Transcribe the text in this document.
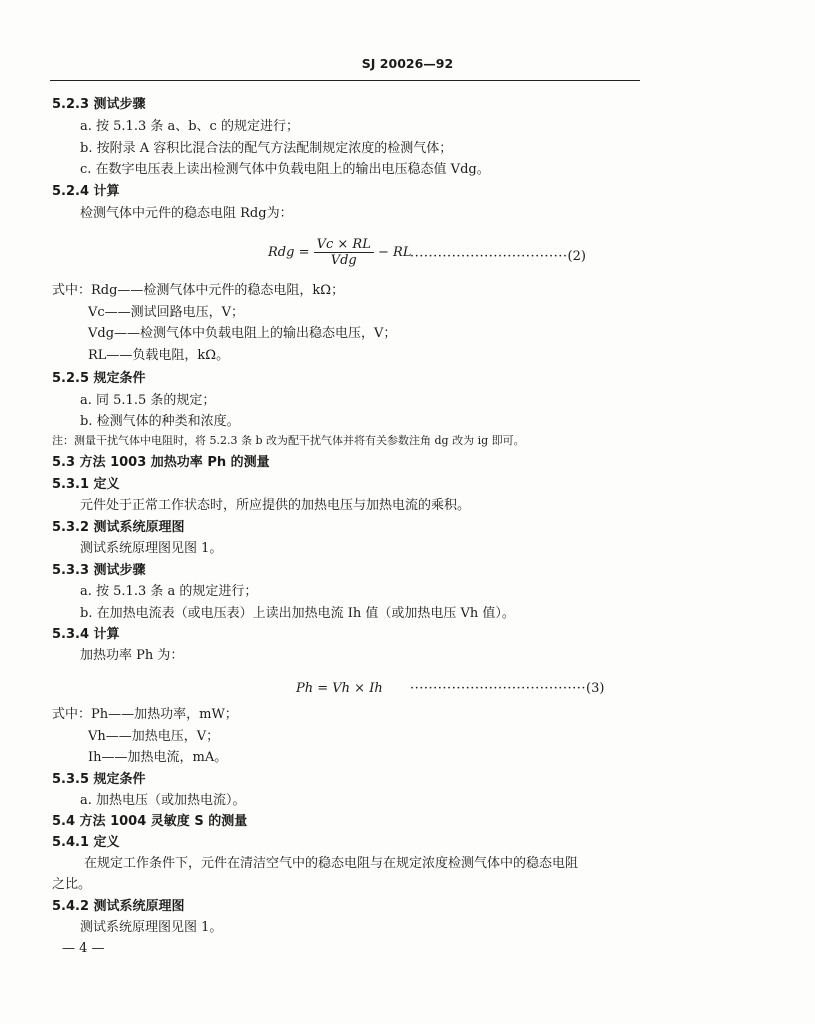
SJ 20026—92
5.2.3 测试步骤
a. 按 5.1.3 条 a、b、c 的规定进行；
b. 按附录 A 容积比混合法的配气方法配制规定浓度的检测气体；
c. 在数字电压表上读出检测气体中负载电阻上的输出电压稳态值 Vdg。
5.2.4 计算
检测气体中元件的稳态电阻 Rdg为：
Rdg = $\frac{Vc \times RL}{\text{Vdg}}$ − RL
··································(2)
式中：Rdg——检测气体中元件的稳态电阻，kΩ；
Vc——测试回路电压，V；
Vdg——检测气体中负载电阻上的输出稳态电压，V；
RL——负载电阻，kΩ。
5.2.5 规定条件
a. 同 5.1.5 条的规定；
b. 检测气体的种类和浓度。
注：测量干扰气体中电阻时，将 5.2.3 条 b 改为配干扰气体并将有关参数注角 dg 改为 ig 即可。
5.3 方法 1003 加热功率 Ph 的测量
5.3.1 定义
元件处于正常工作状态时，所应提供的加热电压与加热电流的乘积。
5.3.2 测试系统原理图
测试系统原理图见图 1。
5.3.3 测试步骤
a. 按 5.1.3 条 a 的规定进行；
b. 在加热电流表（或电压表）上读出加热电流 Ih 值（或加热电压 Vh 值）。
5.3.4 计算
加热功率 Ph 为：
Ph = Vh × Ih ······································(3)
式中：Ph——加热功率，mW；
Vh——加热电压，V；
Ih——加热电流，mA。
5.3.5 规定条件
a. 加热电压（或加热电流）。
5.4 方法 1004 灵敏度 S 的测量
5.4.1 定义
在规定工作条件下，元件在清洁空气中的稳态电阻与在规定浓度检测气体中的稳态电阻
之比。
5.4.2 测试系统原理图
测试系统原理图见图 1。
— 4 —
